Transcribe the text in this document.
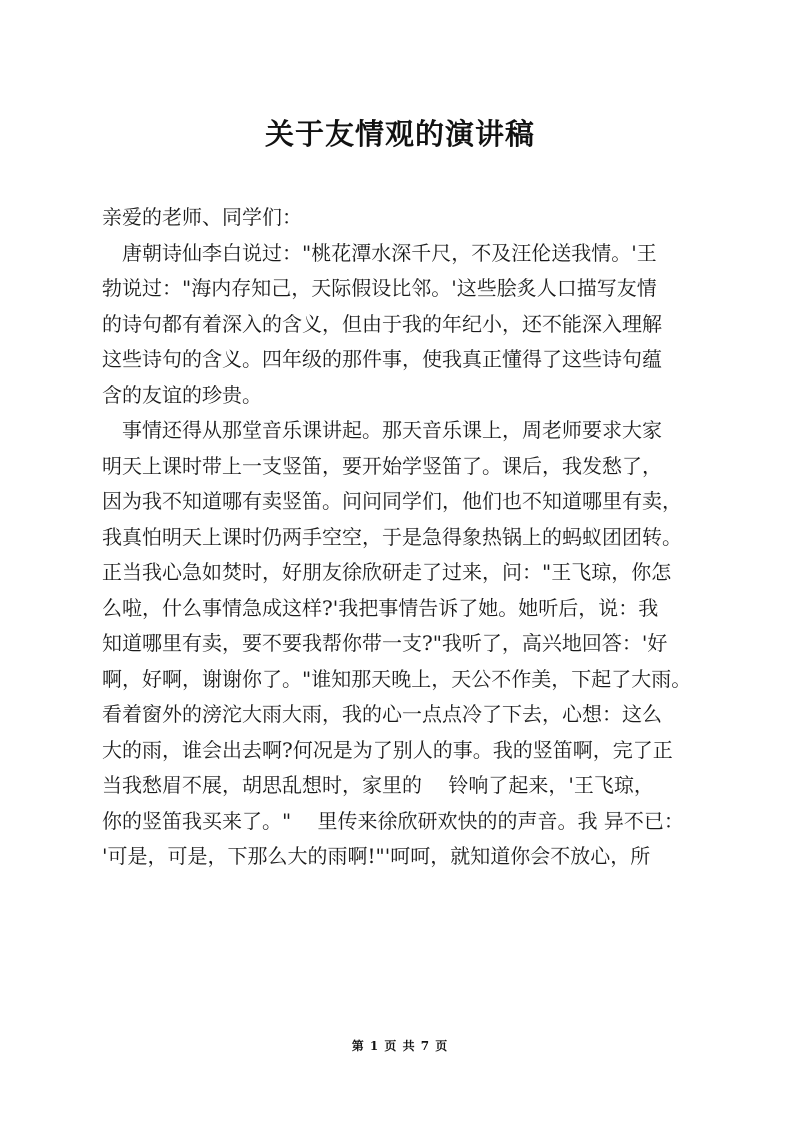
关于友情观的演讲稿

亲爱的老师、同学们：

唐朝诗仙李白说过："桃花潭水深千尺，不及汪伦送我情。'王

勃说过："海内存知己，天际假设比邻。'这些脍炙人口描写友情

的诗句都有着深入的含义，但由于我的年纪小，还不能深入理解

这些诗句的含义。四年级的那件事，使我真正懂得了这些诗句蕴

含的友谊的珍贵。

事情还得从那堂音乐课讲起。那天音乐课上，周老师要求大家

明天上课时带上一支竖笛，要开始学竖笛了。课后，我发愁了，

因为我不知道哪有卖竖笛。问问同学们，他们也不知道哪里有卖，

我真怕明天上课时仍两手空空，于是急得象热锅上的蚂蚁团团转。

正当我心急如焚时，好朋友徐欣研走了过来，问："王飞琼，你怎

么啦，什么事情急成这样?'我把事情告诉了她。她听后，说：我

知道哪里有卖，要不要我帮你带一支?"我听了，高兴地回答：'好

啊，好啊，谢谢你了。"谁知那天晚上，天公不作美，下起了大雨。

看着窗外的滂沱大雨大雨，我的心一点点冷了下去，心想：这么

大的雨，谁会出去啊?何况是为了别人的事。我的竖笛啊，完了正

当我愁眉不展，胡思乱想时，家里的　 铃响了起来，'王飞琼，

你的竖笛我买来了。"　 里传来徐欣研欢快的的声音。我 异不已：

'可是，可是，下那么大的雨啊!"'呵呵，就知道你会不放心，所

第 1 页 共 7 页
